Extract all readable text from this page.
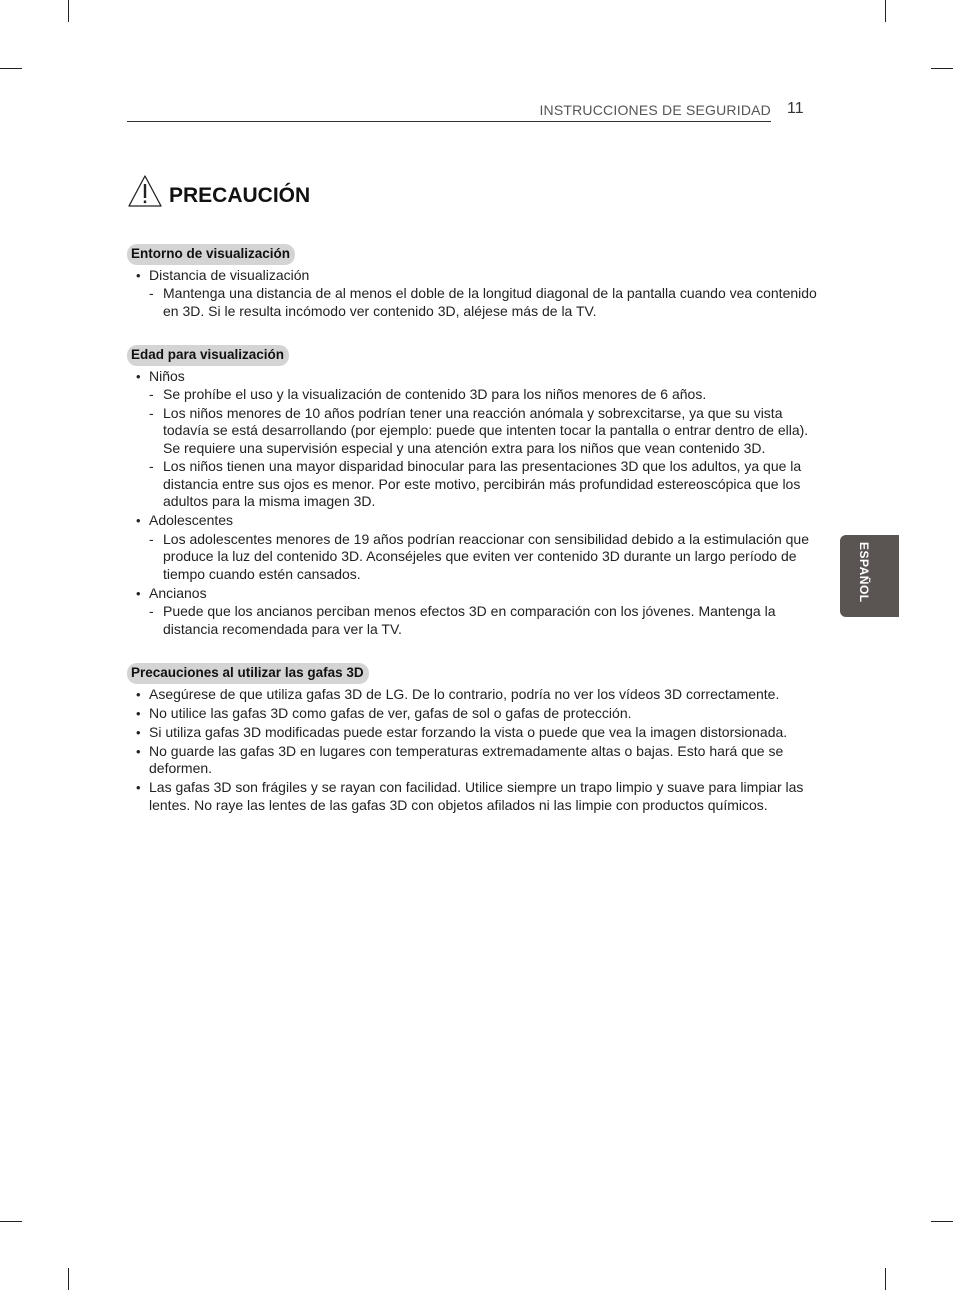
INSTRUCCIONES DE SEGURIDAD 11
PRECAUCIÓN
Entorno de visualización
• Distancia de visualización
- Mantenga una distancia de al menos el doble de la longitud diagonal de la pantalla cuando vea contenido en 3D. Si le resulta incómodo ver contenido 3D, aléjese más de la TV.
Edad para visualización
• Niños
- Se prohíbe el uso y la visualización de contenido 3D para los niños menores de 6 años.
- Los niños menores de 10 años podrían tener una reacción anómala y sobrexcitarse, ya que su vista todavía se está desarrollando (por ejemplo: puede que intenten tocar la pantalla o entrar dentro de ella). Se requiere una supervisión especial y una atención extra para los niños que vean contenido 3D.
- Los niños tienen una mayor disparidad binocular para las presentaciones 3D que los adultos, ya que la distancia entre sus ojos es menor. Por este motivo, percibirán más profundidad estereoscópica que los adultos para la misma imagen 3D.
• Adolescentes
- Los adolescentes menores de 19 años podrían reaccionar con sensibilidad debido a la estimulación que produce la luz del contenido 3D. Aconséjeles que eviten ver contenido 3D durante un largo período de tiempo cuando estén cansados.
• Ancianos
- Puede que los ancianos perciban menos efectos 3D en comparación con los jóvenes. Mantenga la distancia recomendada para ver la TV.
Precauciones al utilizar las gafas 3D
• Asegúrese de que utiliza gafas 3D de LG. De lo contrario, podría no ver los vídeos 3D correctamente.
• No utilice las gafas 3D como gafas de ver, gafas de sol o gafas de protección.
• Si utiliza gafas 3D modificadas puede estar forzando la vista o puede que vea la imagen distorsionada.
• No guarde las gafas 3D en lugares con temperaturas extremadamente altas o bajas. Esto hará que se deformen.
• Las gafas 3D son frágiles y se rayan con facilidad. Utilice siempre un trapo limpio y suave para limpiar las lentes. No raye las lentes de las gafas 3D con objetos afilados ni las limpie con productos químicos.
ESPAÑOL
